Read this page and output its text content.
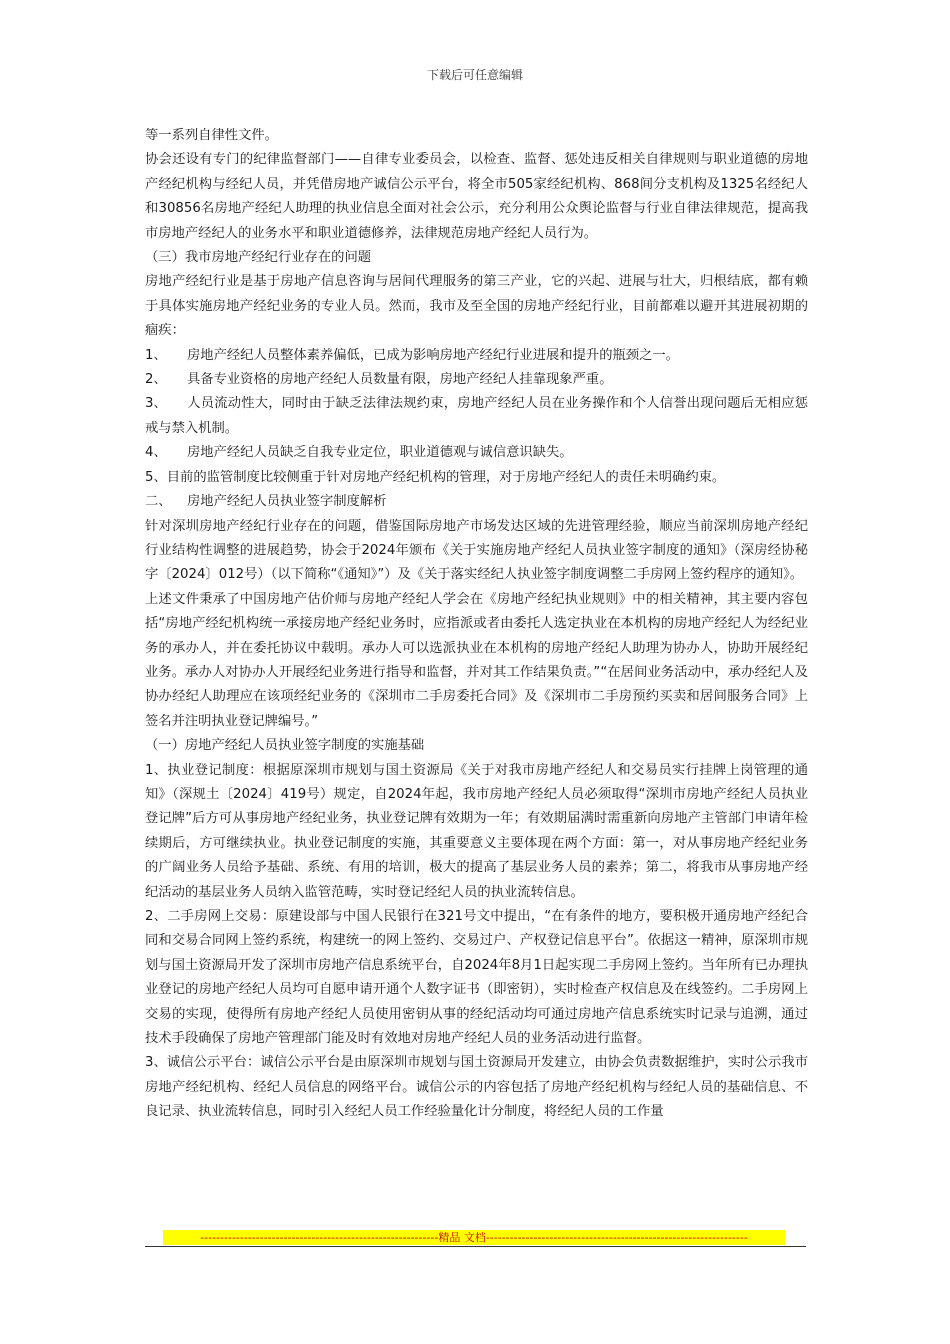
下载后可任意编辑

等一系列自律性文件。

协会还设有专门的纪律监督部门——自律专业委员会，以检查、监督、惩处违反相关自律规则与职业道德的房地产经纪机构与经纪人员，并凭借房地产诚信公示平台，将全市505家经纪机构、868间分支机构及1325名经纪人和30856名房地产经纪人助理的执业信息全面对社会公示，充分利用公众舆论监督与行业自律法律规范，提高我市房地产经纪人的业务水平和职业道德修养，法律规范房地产经纪人员行为。

（三）我市房地产经纪行业存在的问题

房地产经纪行业是基于房地产信息咨询与居间代理服务的第三产业，它的兴起、进展与壮大，归根结底，都有赖于具体实施房地产经纪业务的专业人员。然而，我市及至全国的房地产经纪行业，目前都难以避开其进展初期的痼疾：

1、 房地产经纪人员整体素养偏低，已成为影响房地产经纪行业进展和提升的瓶颈之一。

2、 具备专业资格的房地产经纪人员数量有限，房地产经纪人挂靠现象严重。

3、 人员流动性大，同时由于缺乏法律法规约束，房地产经纪人员在业务操作和个人信誉出现问题后无相应惩戒与禁入机制。

4、 房地产经纪人员缺乏自我专业定位，职业道德观与诚信意识缺失。

5、目前的监管制度比较侧重于针对房地产经纪机构的管理，对于房地产经纪人的责任未明确约束。

二、 房地产经纪人员执业签字制度解析

针对深圳房地产经纪行业存在的问题，借鉴国际房地产市场发达区域的先进管理经验，顺应当前深圳房地产经纪行业结构性调整的进展趋势，协会于2024年颁布《关于实施房地产经纪人员执业签字制度的通知》（深房经协秘字〔2024〕012号）（以下简称“《通知》”）及《关于落实经纪人执业签字制度调整二手房网上签约程序的通知》。

上述文件秉承了中国房地产估价师与房地产经纪人学会在《房地产经纪执业规则》中的相关精神，其主要内容包括“房地产经纪机构统一承接房地产经纪业务时，应指派或者由委托人选定执业在本机构的房地产经纪人为经纪业务的承办人，并在委托协议中载明。承办人可以选派执业在本机构的房地产经纪人助理为协办人，协助开展经纪业务。承办人对协办人开展经纪业务进行指导和监督，并对其工作结果负责。”“在居间业务活动中，承办经纪人及协办经纪人助理应在该项经纪业务的《深圳市二手房委托合同》及《深圳市二手房预约买卖和居间服务合同》上签名并注明执业登记牌编号。”

（一）房地产经纪人员执业签字制度的实施基础

1、执业登记制度：根据原深圳市规划与国土资源局《关于对我市房地产经纪人和交易员实行挂牌上岗管理的通知》（深规土〔2024〕419号）规定，自2024年起，我市房地产经纪人员必须取得“深圳市房地产经纪人员执业登记牌”后方可从事房地产经纪业务，执业登记牌有效期为一年；有效期届满时需重新向房地产主管部门申请年检续期后，方可继续执业。执业登记制度的实施，其重要意义主要体现在两个方面：第一，对从事房地产经纪业务的广阔业务人员给予基础、系统、有用的培训，极大的提高了基层业务人员的素养；第二，将我市从事房地产经纪活动的基层业务人员纳入监管范畴，实时登记经纪人员的执业流转信息。

2、二手房网上交易：原建设部与中国人民银行在321号文中提出，“在有条件的地方，要积极开通房地产经纪合同和交易合同网上签约系统，构建统一的网上签约、交易过户、产权登记信息平台”。依据这一精神，原深圳市规划与国土资源局开发了深圳市房地产信息系统平台，自2024年8月1日起实现二手房网上签约。当年所有已办理执业登记的房地产经纪人员均可自愿申请开通个人数字证书（即密钥），实时检查产权信息及在线签约。二手房网上交易的实现，使得所有房地产经纪人员使用密钥从事的经纪活动均可通过房地产信息系统实时记录与追溯，通过技术手段确保了房地产管理部门能及时有效地对房地产经纪人员的业务活动进行监督。

3、诚信公示平台：诚信公示平台是由原深圳市规划与国土资源局开发建立，由协会负责数据维护，实时公示我市房地产经纪机构、经纪人员信息的网络平台。诚信公示的内容包括了房地产经纪机构与经纪人员的基础信息、不良记录、执业流转信息，同时引入经纪人员工作经验量化计分制度，将经纪人员的工作量

------------------------------------------------------------精品 文档------------------------------------------------------------------
